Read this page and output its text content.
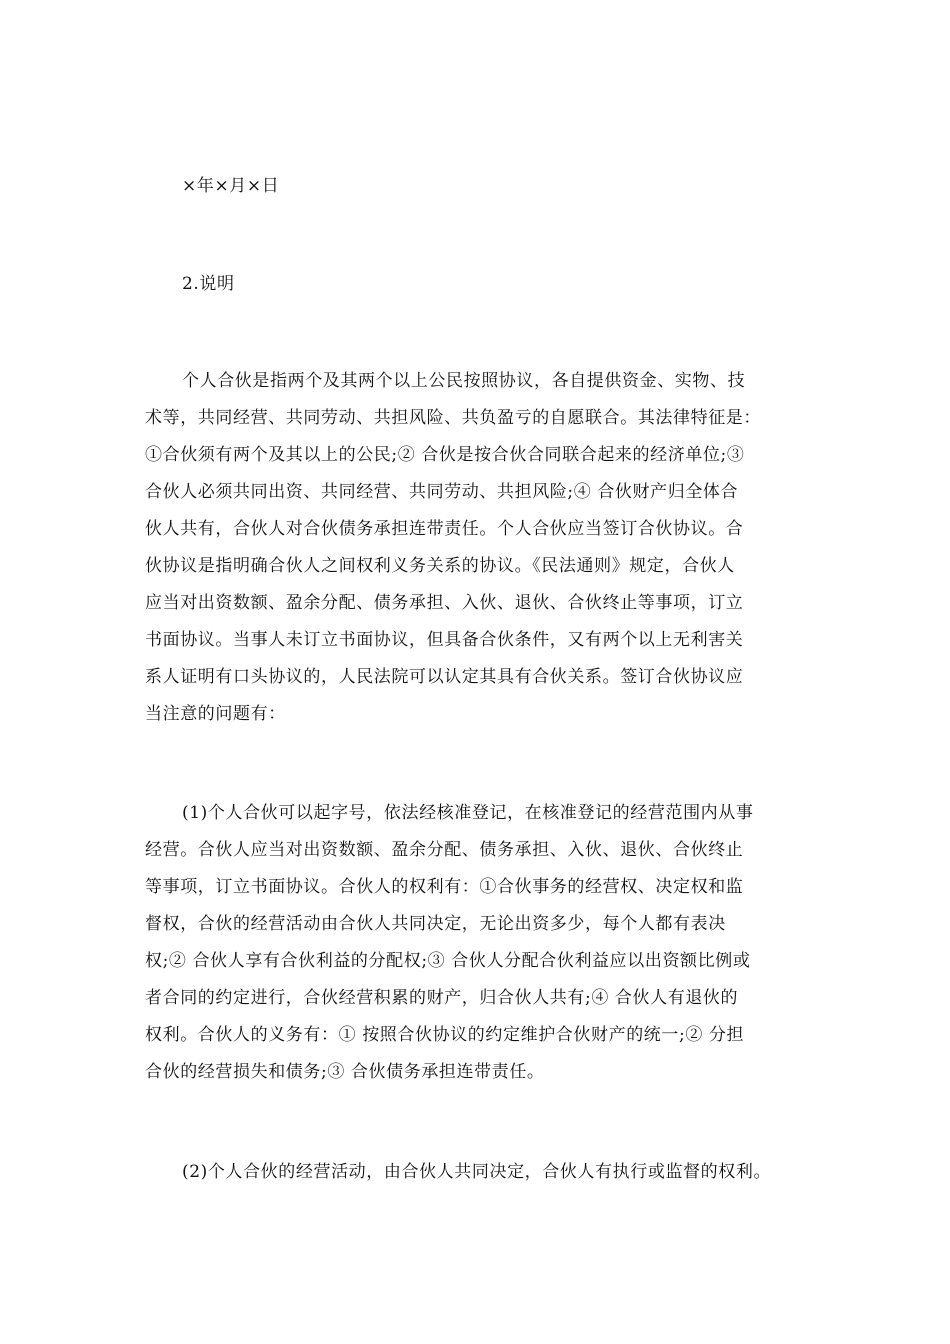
×年×月×日
2.说明
个人合伙是指两个及其两个以上公民按照协议，各自提供资金、实物、技
术等，共同经营、共同劳动、共担风险、共负盈亏的自愿联合。其法律特征是：
①合伙须有两个及其以上的公民;② 合伙是按合伙合同联合起来的经济单位;③
合伙人必须共同出资、共同经营、共同劳动、共担风险;④ 合伙财产归全体合
伙人共有，合伙人对合伙债务承担连带责任。个人合伙应当签订合伙协议。合
伙协议是指明确合伙人之间权利义务关系的协议。《民法通则》规定，合伙人
应当对出资数额、盈余分配、债务承担、入伙、退伙、合伙终止等事项，订立
书面协议。当事人未订立书面协议，但具备合伙条件，又有两个以上无利害关
系人证明有口头协议的，人民法院可以认定其具有合伙关系。签订合伙协议应
当注意的问题有：
(1)个人合伙可以起字号，依法经核准登记，在核准登记的经营范围内从事
经营。合伙人应当对出资数额、盈余分配、债务承担、入伙、退伙、合伙终止
等事项，订立书面协议。合伙人的权利有：①合伙事务的经营权、决定权和监
督权，合伙的经营活动由合伙人共同决定，无论出资多少，每个人都有表决
权;② 合伙人享有合伙利益的分配权;③ 合伙人分配合伙利益应以出资额比例或
者合同的约定进行，合伙经营积累的财产，归合伙人共有;④ 合伙人有退伙的
权利。合伙人的义务有：① 按照合伙协议的约定维护合伙财产的统一;② 分担
合伙的经营损失和债务;③ 合伙债务承担连带责任。
(2)个人合伙的经营活动，由合伙人共同决定，合伙人有执行或监督的权利。
